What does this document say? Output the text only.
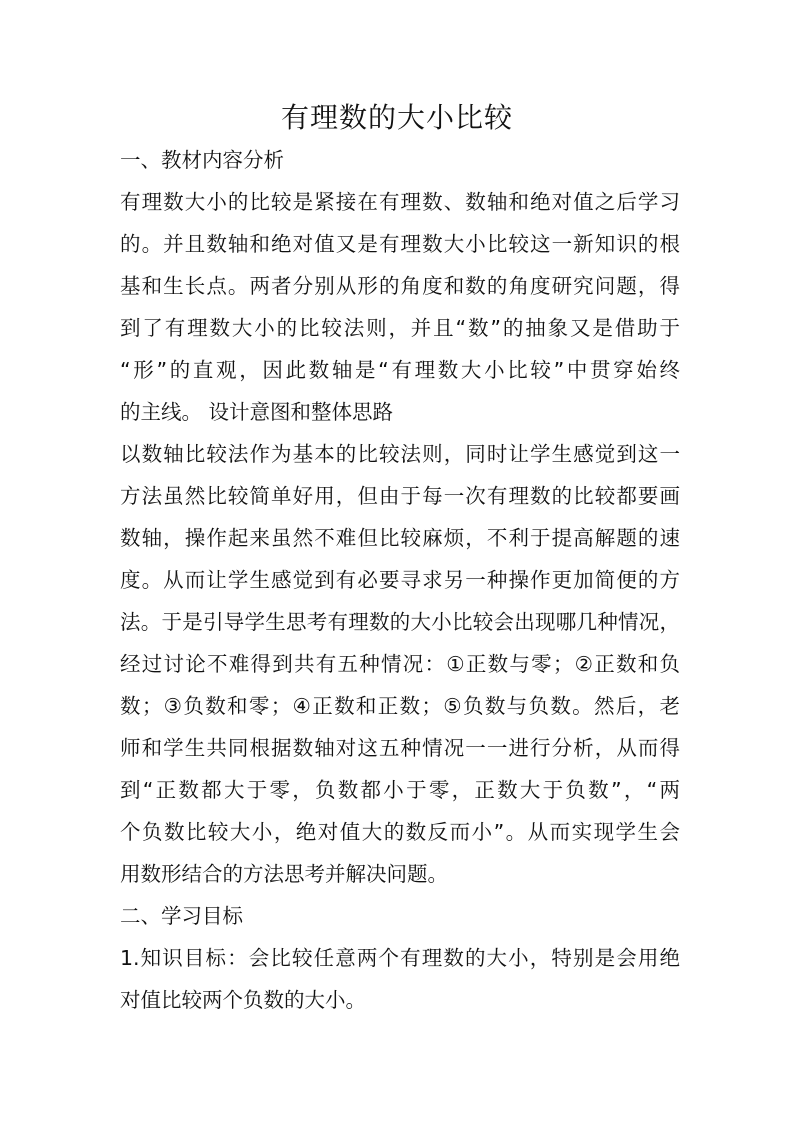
有理数的大小比较
一、教材内容分析
有理数大小的比较是紧接在有理数、数轴和绝对值之后学习
的。并且数轴和绝对值又是有理数大小比较这一新知识的根
基和生长点。两者分别从形的角度和数的角度研究问题，得
到了有理数大小的比较法则，并且“数”的抽象又是借助于
“形”的直观，因此数轴是“有理数大小比较”中贯穿始终
的主线。 设计意图和整体思路
以数轴比较法作为基本的比较法则，同时让学生感觉到这一
方法虽然比较简单好用，但由于每一次有理数的比较都要画
数轴，操作起来虽然不难但比较麻烦，不利于提高解题的速
度。从而让学生感觉到有必要寻求另一种操作更加简便的方
法。于是引导学生思考有理数的大小比较会出现哪几种情况，
经过讨论不难得到共有五种情况：①正数与零；②正数和负
数；③负数和零；④正数和正数；⑤负数与负数。然后，老
师和学生共同根据数轴对这五种情况一一进行分析，从而得
到“正数都大于零，负数都小于零，正数大于负数”，“两
个负数比较大小，绝对值大的数反而小”。从而实现学生会
用数形结合的方法思考并解决问题。
二、学习目标
1.知识目标：会比较任意两个有理数的大小，特别是会用绝
对值比较两个负数的大小。
